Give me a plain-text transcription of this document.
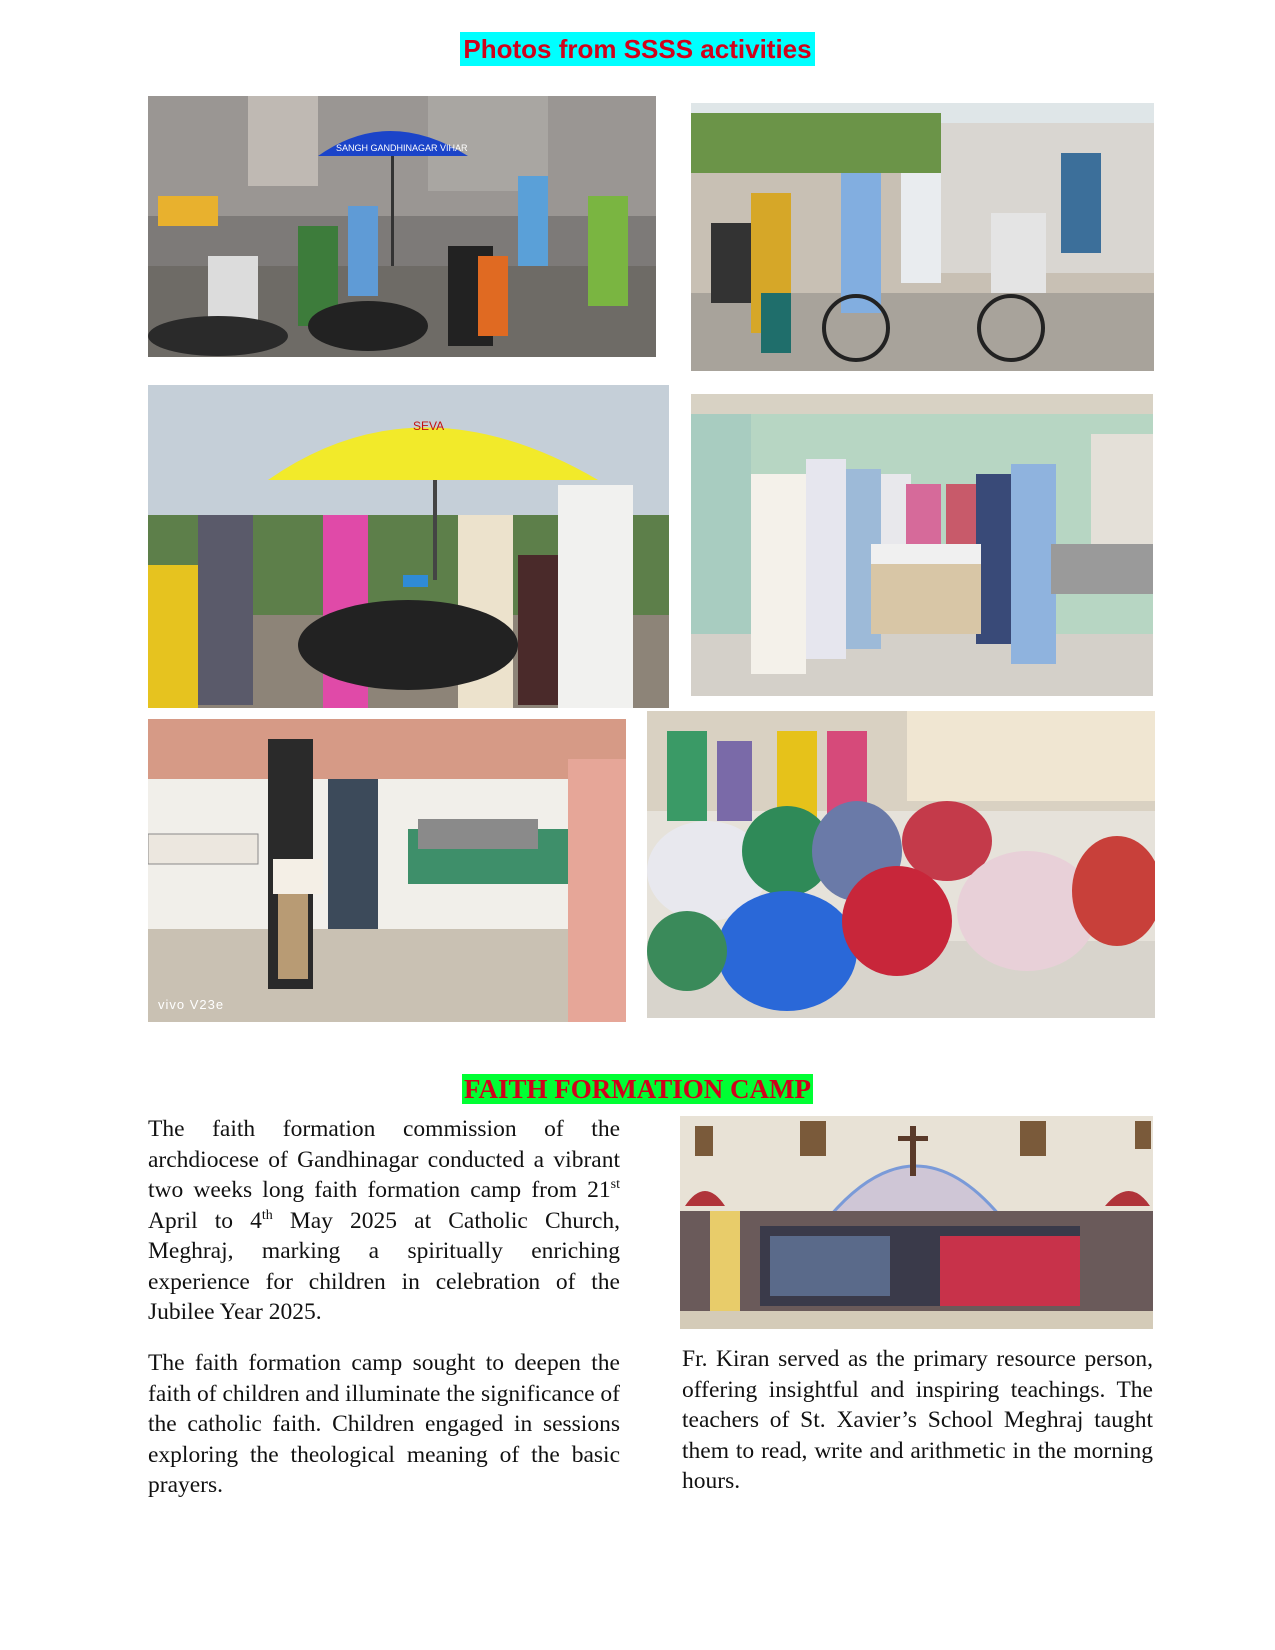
Photos from SSSS activities
SANGH GANDHINAGAR VIHAR
SEVA
vivo V23e
FAITH FORMATION CAMP

The faith formation commission of the archdiocese of Gandhinagar conducted a vibrant two weeks long faith formation camp from 21st April to 4th May 2025 at Catholic Church, Meghraj, marking a spiritually enriching experience for children in celebration of the Jubilee Year 2025.

The faith formation camp sought to deepen the faith of children and illuminate the significance of the catholic faith. Children engaged in sessions exploring the theological meaning of the basic prayers.

Fr. Kiran served as the primary resource person, offering insightful and inspiring teachings. The teachers of St. Xavier’s School Meghraj taught them to read, write and arithmetic in the morning hours.
